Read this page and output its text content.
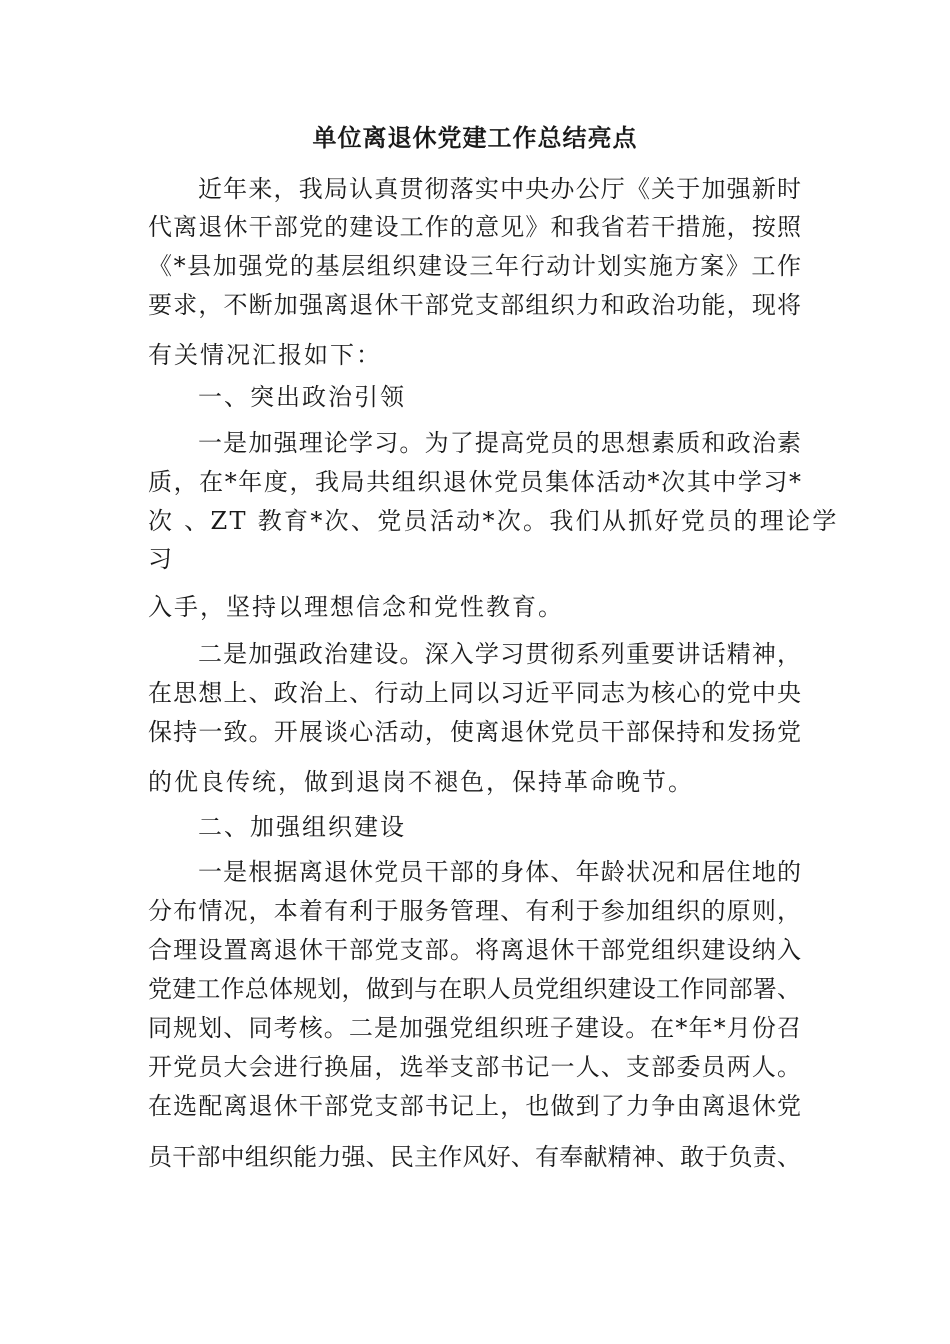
单位离退休党建工作总结亮点
近年来，我局认真贯彻落实中央办公厅《关于加强新时
代离退休干部党的建设工作的意见》和我省若干措施，按照
《*县加强党的基层组织建设三年行动计划实施方案》工作
要求，不断加强离退休干部党支部组织力和政治功能，现将
有关情况汇报如下：
一、突出政治引领
一是加强理论学习。为了提高党员的思想素质和政治素
质，在*年度，我局共组织退休党员集体活动*次其中学习*
次 、ZT 教育*次、党员活动*次。我们从抓好党员的理论学
习
入手，坚持以理想信念和党性教育。
二是加强政治建设。深入学习贯彻系列重要讲话精神，
在思想上、政治上、行动上同以习近平同志为核心的党中央
保持一致。开展谈心活动，使离退休党员干部保持和发扬党
的优良传统，做到退岗不褪色，保持革命晚节。
二、加强组织建设
一是根据离退休党员干部的身体、年龄状况和居住地的
分布情况，本着有利于服务管理、有利于参加组织的原则，
合理设置离退休干部党支部。将离退休干部党组织建设纳入
党建工作总体规划，做到与在职人员党组织建设工作同部署、
同规划、同考核。二是加强党组织班子建设。在*年*月份召
开党员大会进行换届，选举支部书记一人、支部委员两人。
在选配离退休干部党支部书记上，也做到了力争由离退休党
员干部中组织能力强、民主作风好、有奉献精神、敢于负责、
